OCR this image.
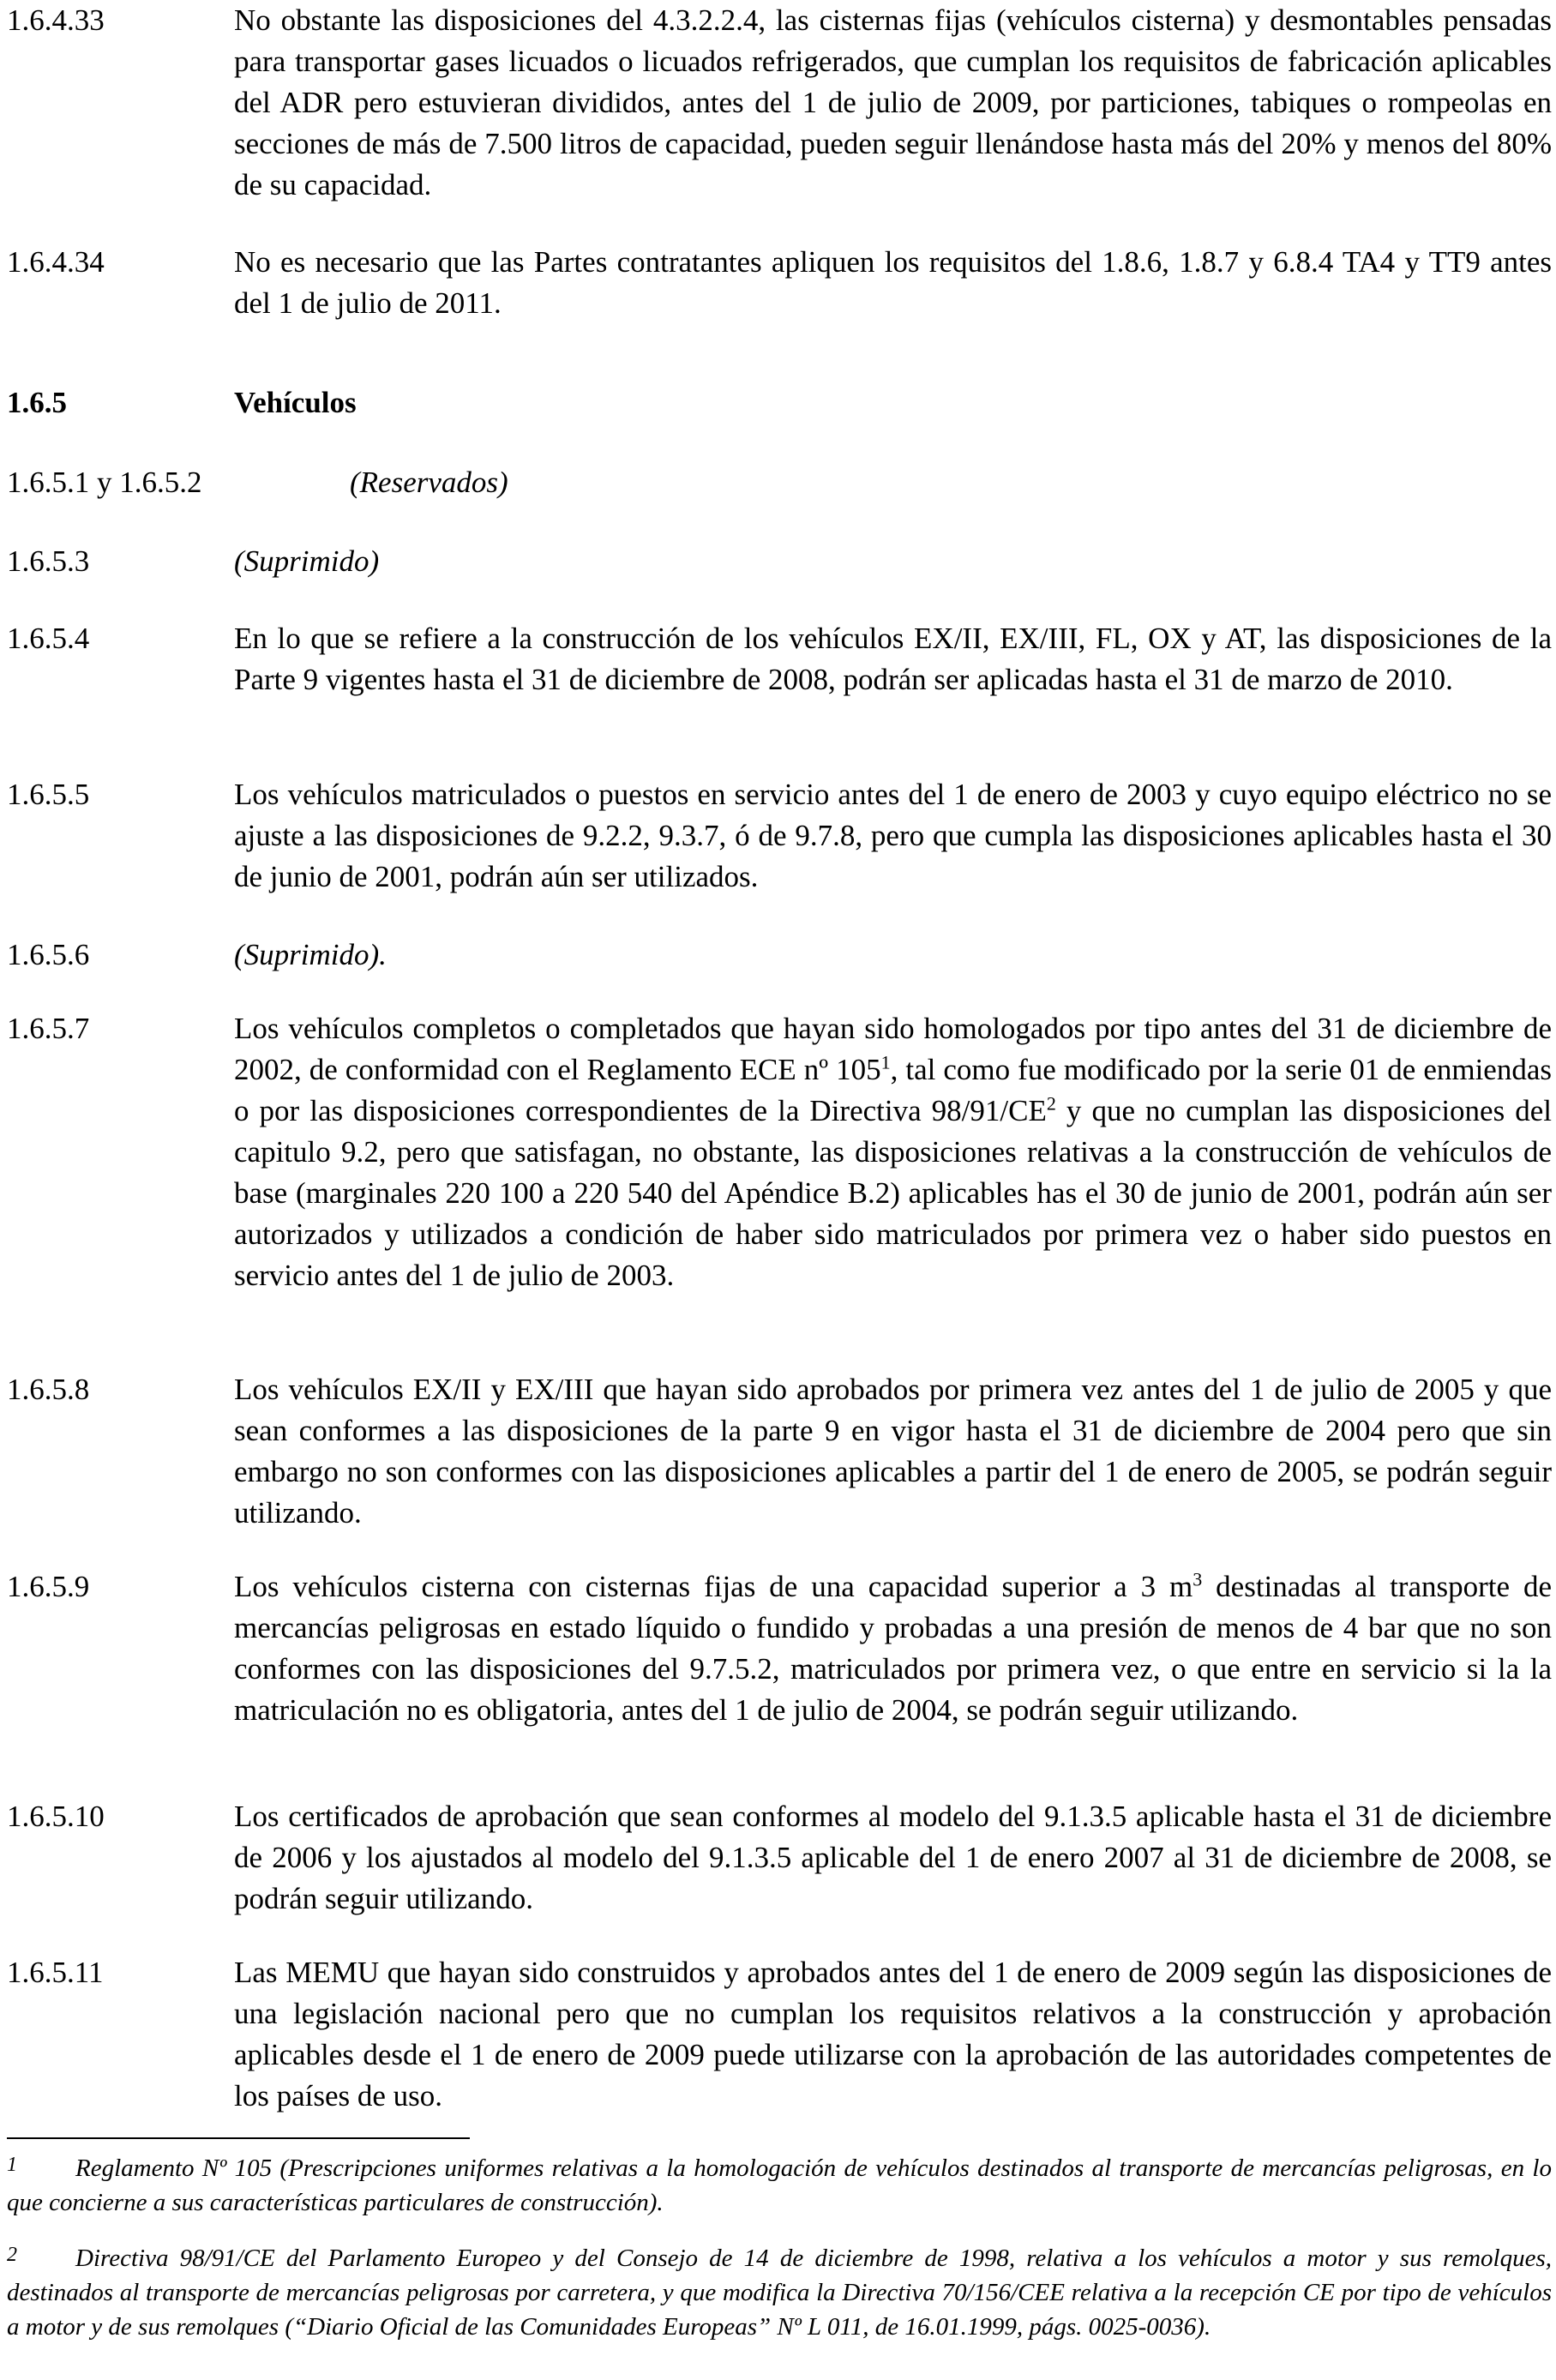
1.6.4.33	No obstante las disposiciones del 4.3.2.2.4, las cisternas fijas (vehículos cisterna) y desmontables pensadas para transportar gases licuados o licuados refrigerados, que cumplan los requisitos de fabricación aplicables del ADR pero estuvieran divididos, antes del 1 de julio de 2009, por particiones, tabiques o rompeolas en secciones de más de 7.500 litros de capacidad, pueden seguir llenándose hasta más del 20% y menos del 80% de su capacidad.
1.6.4.34	No es necesario que las Partes contratantes apliquen los requisitos del 1.8.6, 1.8.7 y 6.8.4 TA4 y TT9 antes del 1 de julio de 2011.
1.6.5	Vehículos
1.6.5.1 y 1.6.5.2	(Reservados)
1.6.5.3	(Suprimido)
1.6.5.4	En lo que se refiere a la construcción de los vehículos EX/II, EX/III, FL, OX y AT, las disposiciones de la Parte 9 vigentes hasta el 31 de diciembre de 2008, podrán ser aplicadas hasta el 31 de marzo de 2010.
1.6.5.5	Los vehículos matriculados o puestos en servicio antes del 1 de enero de 2003 y cuyo equipo eléctrico no se ajuste a las disposiciones de 9.2.2, 9.3.7, ó de 9.7.8, pero que cumpla las disposiciones aplicables hasta el 30 de junio de 2001, podrán aún ser utilizados.
1.6.5.6	(Suprimido).
1.6.5.7	Los vehículos completos o completados que hayan sido homologados por tipo antes del 31 de diciembre de 2002, de conformidad con el Reglamento ECE nº $105^1$, tal como fue modificado por la serie 01 de enmiendas o por las disposiciones correspondientes de la Directiva $98/91/CE^2$ y que no cumplan las disposiciones del capitulo 9.2, pero que satisfagan, no obstante, las disposiciones relativas a la construcción de vehículos de base (marginales 220 100 a 220 540 del Apéndice B.2) aplicables has el 30 de junio de 2001, podrán aún ser autorizados y utilizados a condición de haber sido matriculados por primera vez o haber sido puestos en servicio antes del 1 de julio de 2003.
1.6.5.8	Los vehículos EX/II y EX/III que hayan sido aprobados por primera vez antes del 1 de julio de 2005 y que sean conformes a las disposiciones de la parte 9 en vigor hasta el 31 de diciembre de 2004 pero que sin embargo no son conformes con las disposiciones aplicables a partir del 1 de enero de 2005, se podrán seguir utilizando.
1.6.5.9	Los vehículos cisterna con cisternas fijas de una capacidad superior a 3 $m^3$ destinadas al transporte de mercancías peligrosas en estado líquido o fundido y probadas a una presión de menos de 4 bar que no son conformes con las disposiciones del 9.7.5.2, matriculados por primera vez, o que entre en servicio si la la matriculación no es obligatoria, antes del 1 de julio de 2004, se podrán seguir utilizando.
1.6.5.10	Los certificados de aprobación que sean conformes al modelo del 9.1.3.5 aplicable hasta el 31 de diciembre de 2006 y los ajustados al modelo del 9.1.3.5 aplicable del 1 de enero 2007 al 31 de diciembre de 2008, se podrán seguir utilizando.
1.6.5.11	Las MEMU que hayan sido construidos y aprobados antes del 1 de enero de 2009 según las disposiciones de una legislación nacional pero que no cumplan los requisitos relativos a la construcción y aprobación aplicables desde el 1 de enero de 2009 puede utilizarse con la aprobación de las autoridades competentes de los países de uso.
1 Reglamento Nº 105 (Prescripciones uniformes relativas a la homologación de vehículos destinados al transporte de mercancías peligrosas, en lo que concierne a sus características particulares de construcción).
2 Directiva 98/91/CE del Parlamento Europeo y del Consejo de 14 de diciembre de 1998, relativa a los vehículos a motor y sus remolques, destinados al transporte de mercancías peligrosas por carretera, y que modifica la Directiva 70/156/CEE relativa a la recepción CE por tipo de vehículos a motor y de sus remolques (“Diario Oficial de las Comunidades Europeas” Nº L 011, de 16.01.1999, págs. 0025-0036).
